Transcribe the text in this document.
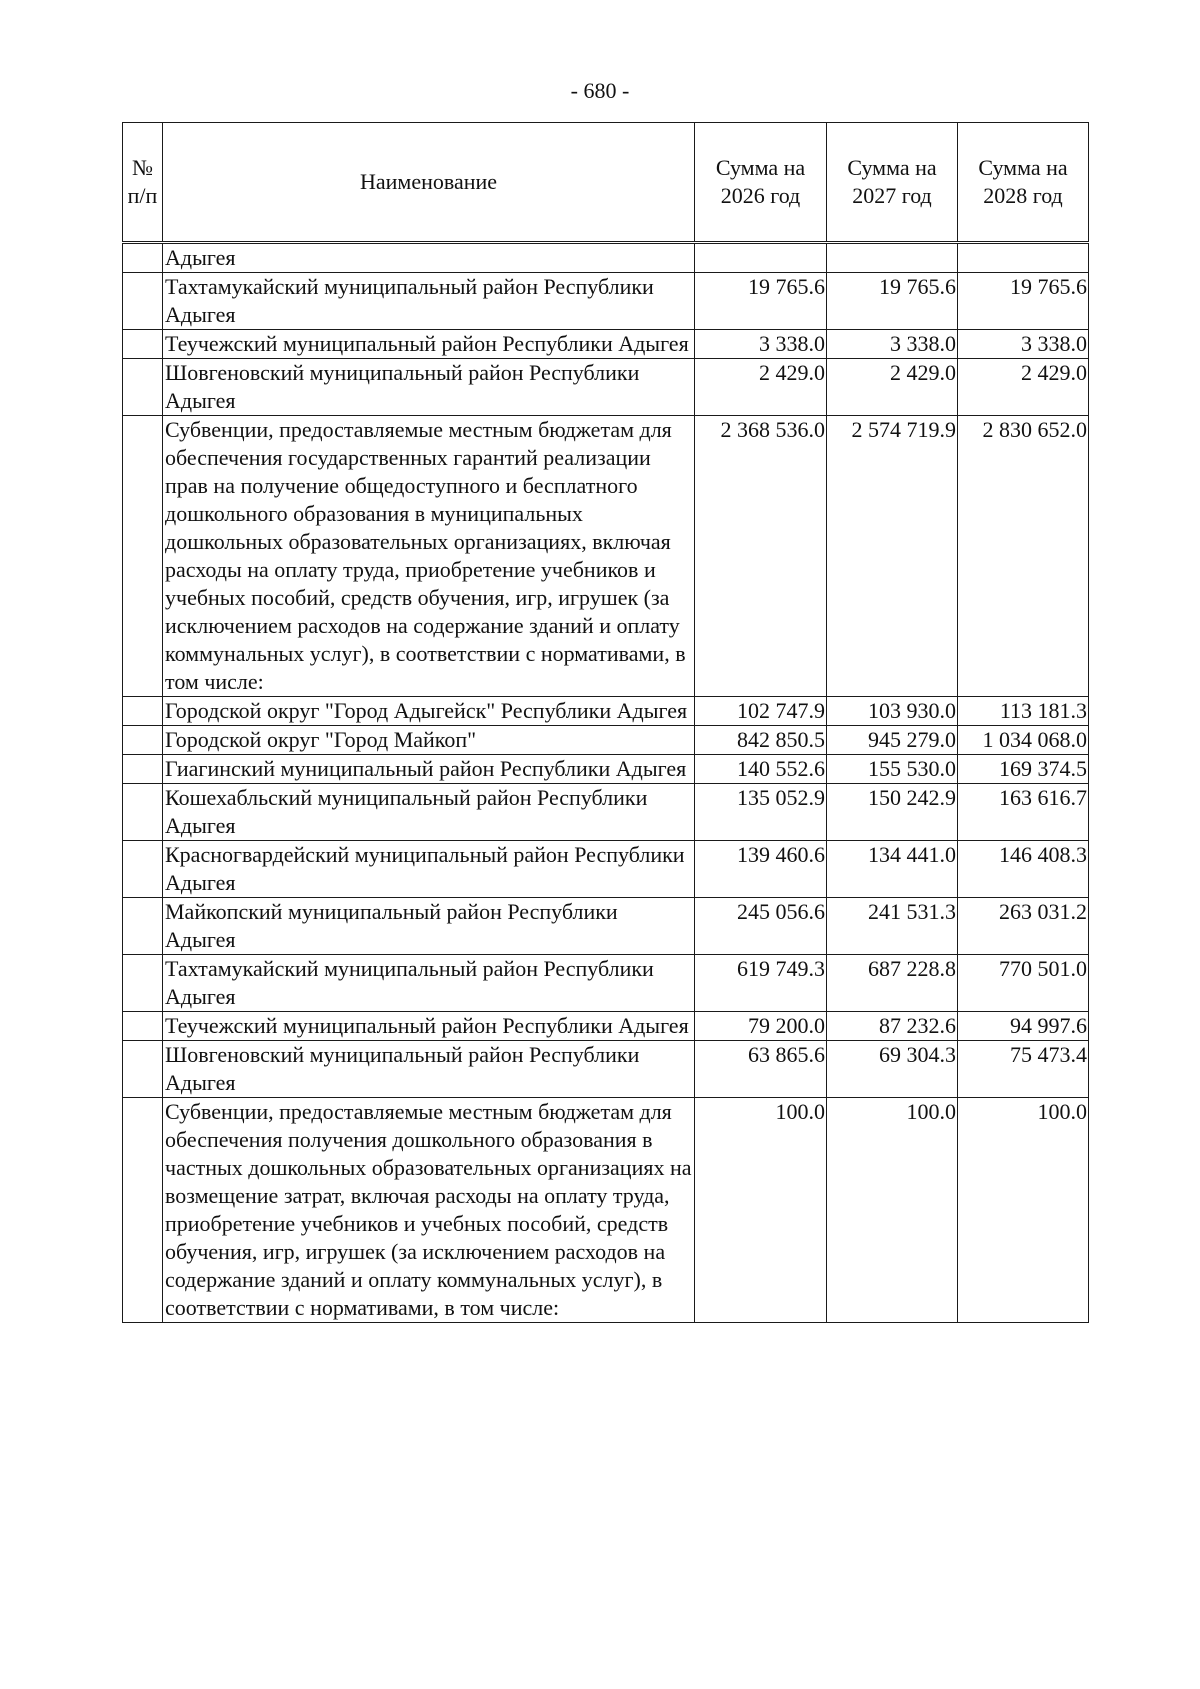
- 680 -
№ п/п	Наименование	Сумма на 2026 год	Сумма на 2027 год	Сумма на 2028 год
	Адыгея			
	Тахтамукайский муниципальный район Республики Адыгея	19 765.6	19 765.6	19 765.6
	Теучежский муниципальный район Республики Адыгея	3 338.0	3 338.0	3 338.0
	Шовгеновский муниципальный район Республики Адыгея	2 429.0	2 429.0	2 429.0
	Субвенции, предоставляемые местным бюджетам для обеспечения государственных гарантий реализации прав на получение общедоступного и бесплатного дошкольного образования в муниципальных дошкольных образовательных организациях, включая расходы на оплату труда, приобретение учебников и учебных пособий, средств обучения, игр, игрушек (за исключением расходов на содержание зданий и оплату коммунальных услуг), в соответствии с нормативами, в том числе:	2 368 536.0	2 574 719.9	2 830 652.0
	Городской округ "Город Адыгейск" Республики Адыгея	102 747.9	103 930.0	113 181.3
	Городской округ "Город Майкоп"	842 850.5	945 279.0	1 034 068.0
	Гиагинский муниципальный район Республики Адыгея	140 552.6	155 530.0	169 374.5
	Кошехабльский муниципальный район Республики Адыгея	135 052.9	150 242.9	163 616.7
	Красногвардейский муниципальный район Республики Адыгея	139 460.6	134 441.0	146 408.3
	Майкопский муниципальный район Республики Адыгея	245 056.6	241 531.3	263 031.2
	Тахтамукайский муниципальный район Республики Адыгея	619 749.3	687 228.8	770 501.0
	Теучежский муниципальный район Республики Адыгея	79 200.0	87 232.6	94 997.6
	Шовгеновский муниципальный район Республики Адыгея	63 865.6	69 304.3	75 473.4
	Субвенции, предоставляемые местным бюджетам для обеспечения получения дошкольного образования в частных дошкольных образовательных организациях на возмещение затрат, включая расходы на оплату труда, приобретение учебников и учебных пособий, средств обучения, игр, игрушек (за исключением расходов на содержание зданий и оплату коммунальных услуг), в соответствии с нормативами, в том числе:	100.0	100.0	100.0
